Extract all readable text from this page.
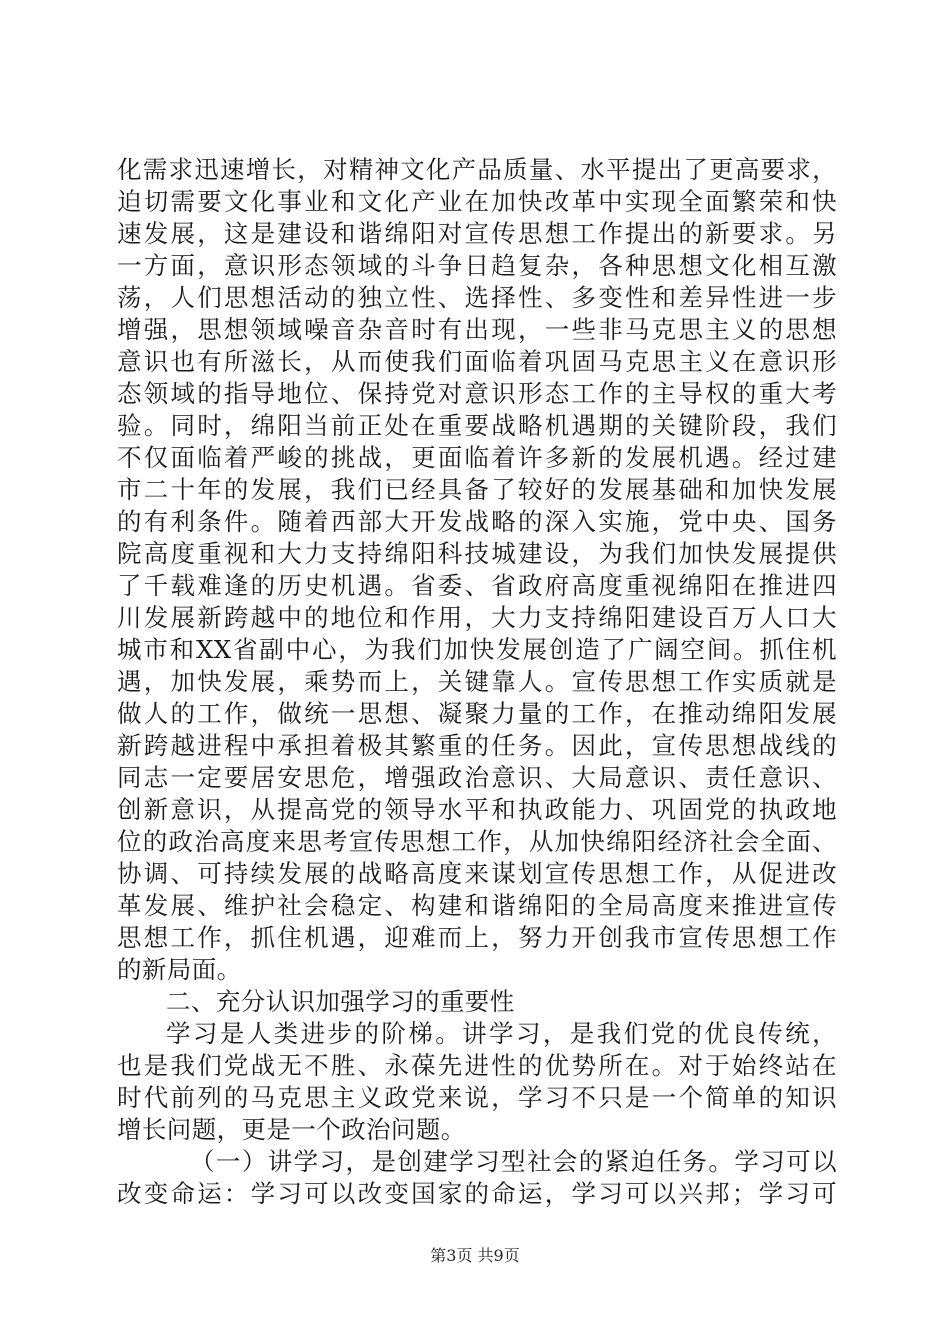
化需求迅速增长，对精神文化产品质量、水平提出了更高要求，
迫切需要文化事业和文化产业在加快改革中实现全面繁荣和快
速发展，这是建设和谐绵阳对宣传思想工作提出的新要求。另
一方面，意识形态领域的斗争日趋复杂，各种思想文化相互激
荡，人们思想活动的独立性、选择性、多变性和差异性进一步
增强，思想领域噪音杂音时有出现，一些非马克思主义的思想
意识也有所滋长，从而使我们面临着巩固马克思主义在意识形
态领域的指导地位、保持党对意识形态工作的主导权的重大考
验。同时，绵阳当前正处在重要战略机遇期的关键阶段，我们
不仅面临着严峻的挑战，更面临着许多新的发展机遇。经过建
市二十年的发展，我们已经具备了较好的发展基础和加快发展
的有利条件。随着西部大开发战略的深入实施，党中央、国务
院高度重视和大力支持绵阳科技城建设，为我们加快发展提供
了千载难逢的历史机遇。省委、省政府高度重视绵阳在推进四
川发展新跨越中的地位和作用，大力支持绵阳建设百万人口大
城市和XX省副中心，为我们加快发展创造了广阔空间。抓住机
遇，加快发展，乘势而上，关键靠人。宣传思想工作实质就是
做人的工作，做统一思想、凝聚力量的工作，在推动绵阳发展
新跨越进程中承担着极其繁重的任务。因此，宣传思想战线的
同志一定要居安思危，增强政治意识、大局意识、责任意识、
创新意识，从提高党的领导水平和执政能力、巩固党的执政地
位的政治高度来思考宣传思想工作，从加快绵阳经济社会全面、
协调、可持续发展的战略高度来谋划宣传思想工作，从促进改
革发展、维护社会稳定、构建和谐绵阳的全局高度来推进宣传
思想工作，抓住机遇，迎难而上，努力开创我市宣传思想工作
的新局面。
二、充分认识加强学习的重要性
学习是人类进步的阶梯。讲学习，是我们党的优良传统，
也是我们党战无不胜、永葆先进性的优势所在。对于始终站在
时代前列的马克思主义政党来说，学习不只是一个简单的知识
增长问题，更是一个政治问题。
（一）讲学习，是创建学习型社会的紧迫任务。学习可以
改变命运：学习可以改变国家的命运，学习可以兴邦；学习可
第3页 共9页
